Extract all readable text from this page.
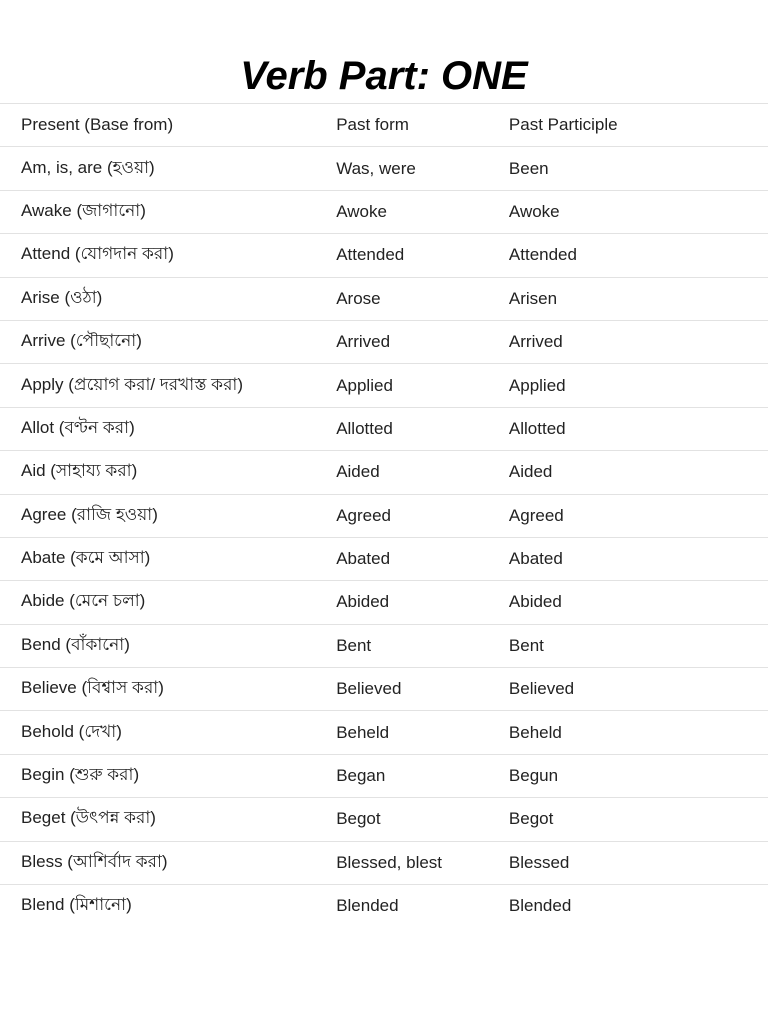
Verb Part: ONE
Present (Base from)	Past form	Past Participle
Am, is, are (হওয়া)	Was, were	Been
Awake (জাগানো)	Awoke	Awoke
Attend (যোগদান করা)	Attended	Attended
Arise (ওঠা)	Arose	Arisen
Arrive (পৌছানো)	Arrived	Arrived
Apply (প্রয়োগ করা/ দরখাস্ত করা)	Applied	Applied
Allot (বণ্টন করা)	Allotted	Allotted
Aid (সাহায্য করা)	Aided	Aided
Agree (রাজি হওয়া)	Agreed	Agreed
Abate (কমে আসা)	Abated	Abated
Abide (মেনে চলা)	Abided	Abided
Bend (বাঁকানো)	Bent	Bent
Believe (বিশ্বাস করা)	Believed	Believed
Behold (দেখা)	Beheld	Beheld
Begin (শুরু করা)	Began	Begun
Beget (উৎপন্ন করা)	Begot	Begot
Bless (আশির্বাদ করা)	Blessed, blest	Blessed
Blend (মিশানো)	Blended	Blended
